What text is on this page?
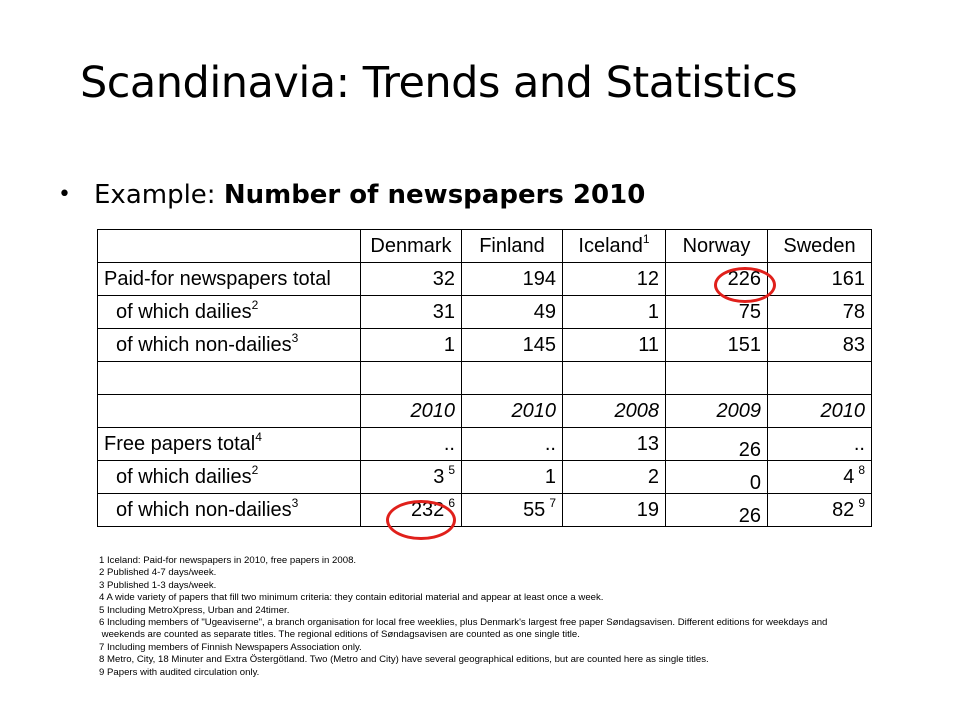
Scandinavia: Trends and Statistics
• Example: Number of newspapers 2010
	Denmark	Finland	Iceland$^1$	Norway	Sweden
Paid-for newspapers total	32	194	12	226	161
of which dailies$^2$	31	49	1	75	78
of which non-dailies$^3$	1	145	11	151	83

	2010	2010	2008	2009	2010
Free papers total$^4$	..	..	13	26	..
of which dailies$^2$	3 $^5$	1	2	0	4 $^8$
of which non-dailies$^3$	232 $^6$	55 $^7$	19	26	82 $^9$
1 Iceland: Paid-for newspapers in 2010, free papers in 2008.
2 Published 4-7 days/week.
3 Published 1-3 days/week.
4 A wide variety of papers that fill two minimum criteria: they contain editorial material and appear at least once a week.
5 Including MetroXpress, Urban and 24timer.
6 Including members of "Ugeaviserne", a branch organisation for local free weeklies, plus Denmark's largest free paper Søndagsavisen. Different editions for weekdays and
weekends are counted as separate titles. The regional editions of Søndagsavisen are counted as one single title.
7 Including members of Finnish Newspapers Association only.
8 Metro, City, 18 Minuter and Extra Östergötland. Two (Metro and City) have several geographical editions, but are counted here as single titles.
9 Papers with audited circulation only.
